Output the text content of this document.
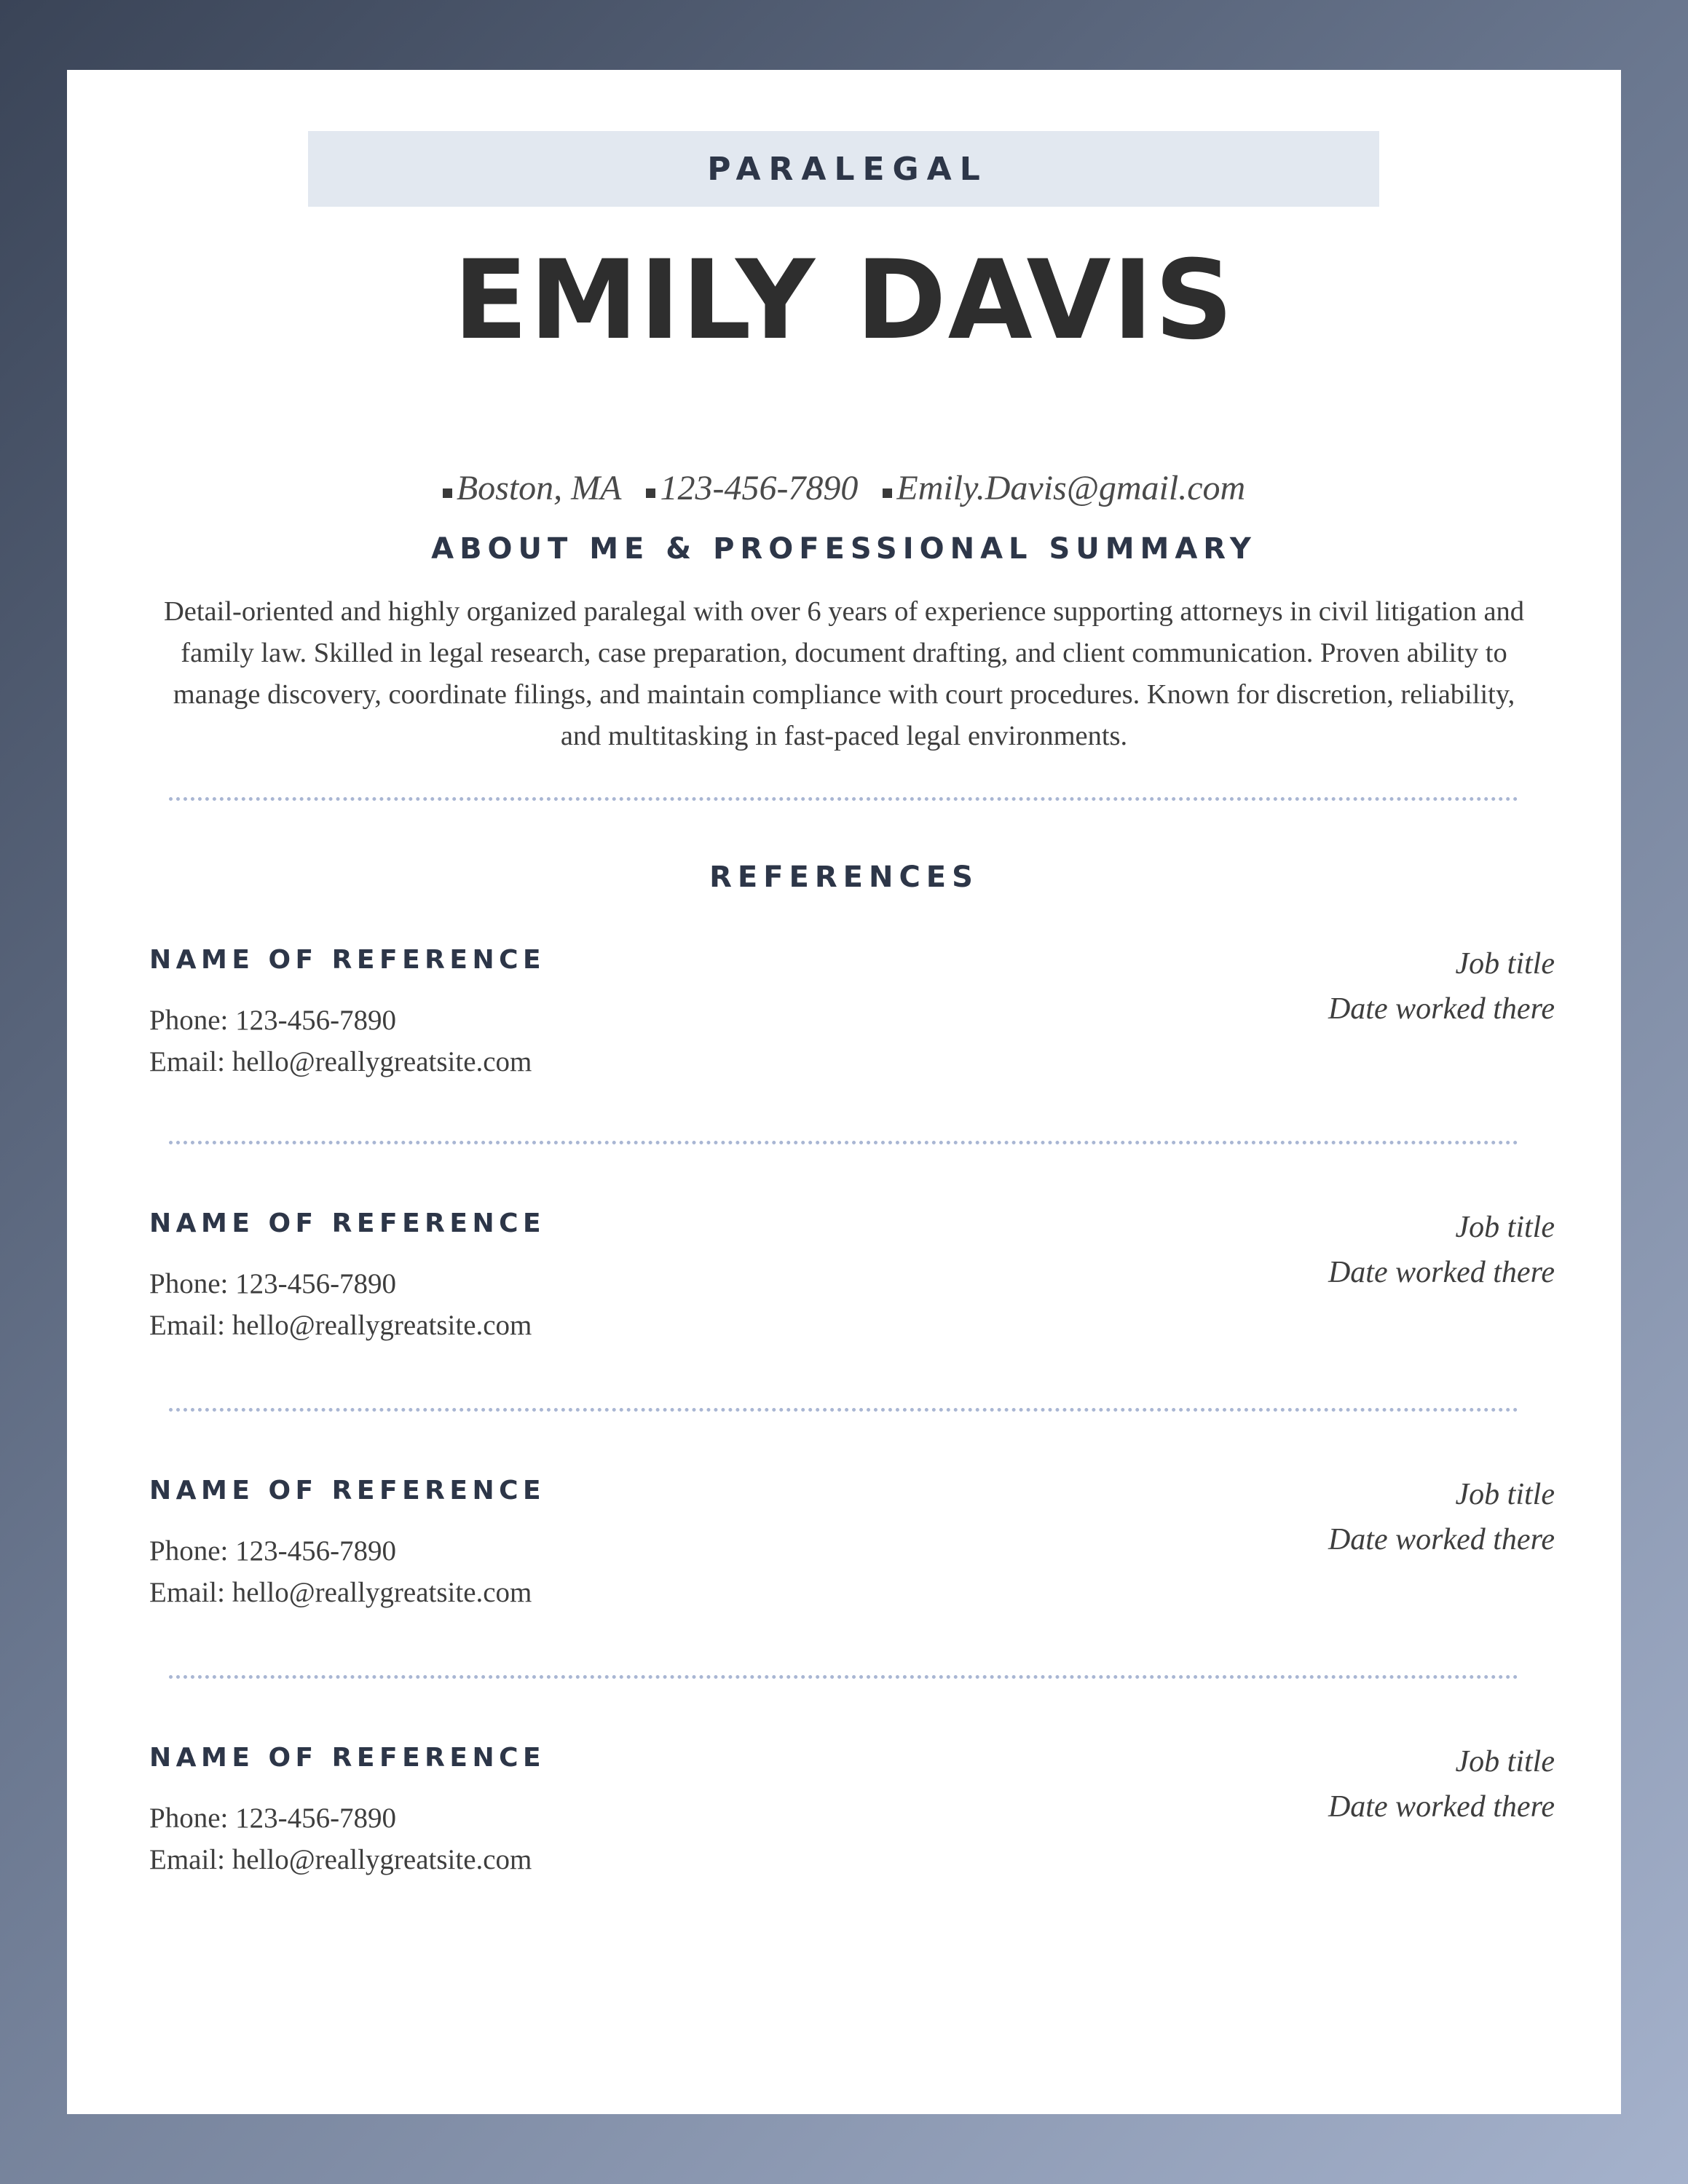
PARALEGAL
EMILY DAVIS
Boston, MA 123-456-7890 Emily.Davis@gmail.com
ABOUT ME & PROFESSIONAL SUMMARY
Detail-oriented and highly organized paralegal with over 6 years of experience supporting attorneys in civil litigation and family law. Skilled in legal research, case preparation, document drafting, and client communication. Proven ability to manage discovery, coordinate filings, and maintain compliance with court procedures. Known for discretion, reliability, and multitasking in fast-paced legal environments.
REFERENCES
NAME OF REFERENCE
Phone: 123-456-7890
Email: hello@reallygreatsite.com
Job title
Date worked there
NAME OF REFERENCE
Phone: 123-456-7890
Email: hello@reallygreatsite.com
Job title
Date worked there
NAME OF REFERENCE
Phone: 123-456-7890
Email: hello@reallygreatsite.com
Job title
Date worked there
NAME OF REFERENCE
Phone: 123-456-7890
Email: hello@reallygreatsite.com
Job title
Date worked there
